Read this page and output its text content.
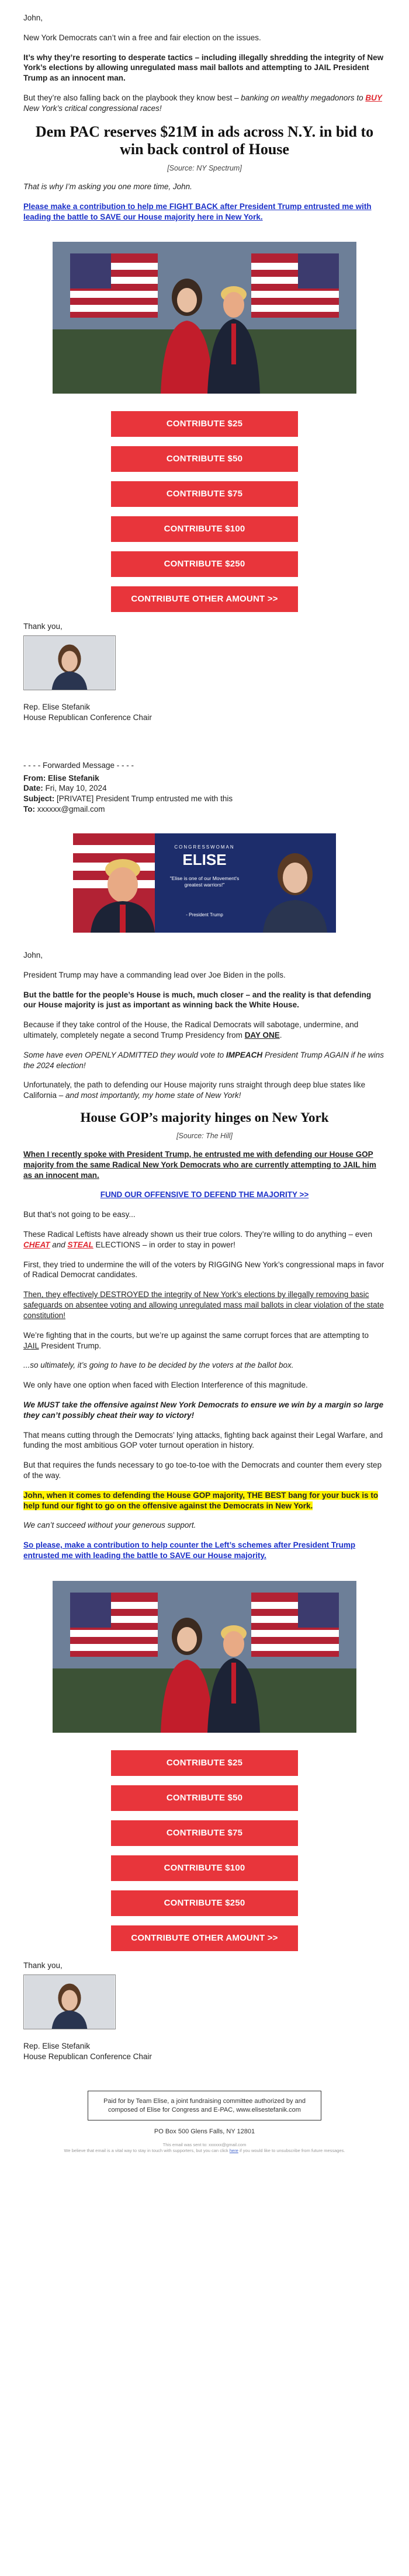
John,

New York Democrats can’t win a free and fair election on the issues.

It’s why they’re resorting to desperate tactics – including illegally shredding the integrity of New York’s elections by allowing unregulated mass mail ballots and attempting to JAIL President Trump as an innocent man.

But they’re also falling back on the playbook they know best – banking on wealthy megadonors to BUY New York’s critical congressional races!

Dem PAC reserves $21M in ads across N.Y. in bid to win back control of House
[Source: NY Spectrum]

That is why I’m asking you one more time, John.

Please make a contribution to help me FIGHT BACK after President Trump entrusted me with leading the battle to SAVE our House majority here in New York.

CONTRIBUTE $25
CONTRIBUTE $50
CONTRIBUTE $75
CONTRIBUTE $100
CONTRIBUTE $250
CONTRIBUTE OTHER AMOUNT >>

Thank you,

Rep. Elise Stefanik

House Republican Conference Chair

- - - - Forwarded Message - - - -

From: Elise Stefanik

Date: Fri, May 10, 2024

Subject: [PRIVATE] President Trump entrusted me with this

To: xxxxxx@gmail.com

CONGRESSWOMAN
ELISE
"Elise is one of our Movement's greatest warriors!"
- President Trump

John,

President Trump may have a commanding lead over Joe Biden in the polls.

But the battle for the people’s House is much, much closer – and the reality is that defending our House majority is just as important as winning back the White House.

Because if they take control of the House, the Radical Democrats will sabotage, undermine, and ultimately, completely negate a second Trump Presidency from DAY ONE.

Some have even OPENLY ADMITTED they would vote to IMPEACH President Trump AGAIN if he wins the 2024 election!

Unfortunately, the path to defending our House majority runs straight through deep blue states like California – and most importantly, my home state of New York!

House GOP’s majority hinges on New York
[Source: The Hill]

When I recently spoke with President Trump, he entrusted me with defending our House GOP majority from the same Radical New York Democrats who are currently attempting to JAIL him as an innocent man.

FUND OUR OFFENSIVE TO DEFEND THE MAJORITY >>

But that’s not going to be easy...

These Radical Leftists have already shown us their true colors. They’re willing to do anything – even CHEAT and STEAL ELECTIONS – in order to stay in power!

First, they tried to undermine the will of the voters by RIGGING New York’s congressional maps in favor of Radical Democrat candidates.

Then, they effectively DESTROYED the integrity of New York’s elections by illegally removing basic safeguards on absentee voting and allowing unregulated mass mail ballots in clear violation of the state constitution!

We’re fighting that in the courts, but we’re up against the same corrupt forces that are attempting to JAIL President Trump.

...so ultimately, it’s going to have to be decided by the voters at the ballot box.

We only have one option when faced with Election Interference of this magnitude.

We MUST take the offensive against New York Democrats to ensure we win by a margin so large they can’t possibly cheat their way to victory!

That means cutting through the Democrats’ lying attacks, fighting back against their Legal Warfare, and funding the most ambitious GOP voter turnout operation in history.

But that requires the funds necessary to go toe-to-toe with the Democrats and counter them every step of the way.

John, when it comes to defending the House GOP majority, THE BEST bang for your buck is to help fund our fight to go on the offensive against the Democrats in New York.

We can’t succeed without your generous support.

So please, make a contribution to help counter the Left’s schemes after President Trump entrusted me with leading the battle to SAVE our House majority.

CONTRIBUTE $25
CONTRIBUTE $50
CONTRIBUTE $75
CONTRIBUTE $100
CONTRIBUTE $250
CONTRIBUTE OTHER AMOUNT >>

Thank you,

Rep. Elise Stefanik

House Republican Conference Chair

Paid for by Team Elise, a joint fundraising committee authorized by and composed of Elise for Congress and E-PAC, www.elisestefanik.com
PO Box 500 Glens Falls, NY 12801
This email was sent to: xxxxxx@gmail.com
We believe that email is a vital way to stay in touch with supporters, but you can click here if you would like to unsubscribe from future messages.
